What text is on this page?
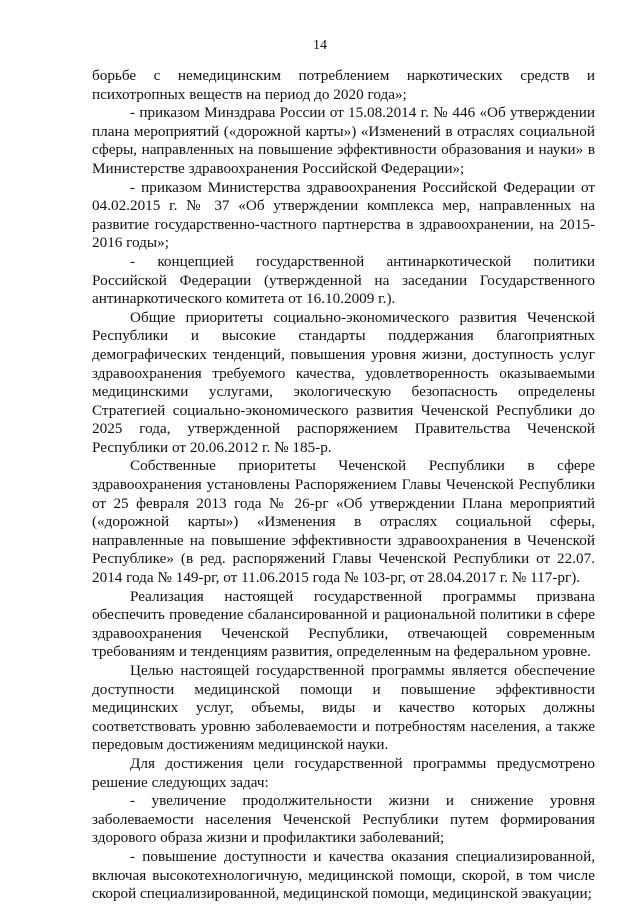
14

борьбе с немедицинским потреблением наркотических средств и психотропных веществ на период до 2020 года»;

- приказом Минздрава России от 15.08.2014 г. № 446 «Об утверждении плана мероприятий («дорожной карты») «Изменений в отраслях социальной сферы, направленных на повышение эффективности образования и науки» в Министерстве здравоохранения Российской Федерации»;

- приказом Министерства здравоохранения Российской Федерации от 04.02.2015 г. № 37 «Об утверждении комплекса мер, направленных на развитие государственно-частного партнерства в здравоохранении, на 2015-2016 годы»;

- концепцией государственной антинаркотической политики Российской Федерации (утвержденной на заседании Государственного антинаркотического комитета от 16.10.2009 г.).

Общие приоритеты социально-экономического развития Чеченской Республики и высокие стандарты поддержания благоприятных демографических тенденций, повышения уровня жизни, доступность услуг здравоохранения требуемого качества, удовлетворенность оказываемыми медицинскими услугами, экологическую безопасность определены Стратегией социально-экономического развития Чеченской Республики до 2025 года, утвержденной распоряжением Правительства Чеченской Республики от 20.06.2012 г. № 185-р.

Собственные приоритеты Чеченской Республики в сфере здравоохранения установлены Распоряжением Главы Чеченской Республики от 25 февраля 2013 года № 26-рг «Об утверждении Плана мероприятий («дорожной карты») «Изменения в отраслях социальной сферы, направленные на повышение эффективности здравоохранения в Чеченской Республике» (в ред. распоряжений Главы Чеченской Республики от 22.07. 2014 года № 149-рг, от 11.06.2015 года № 103-рг, от 28.04.2017 г. № 117-рг).

Реализация настоящей государственной программы призвана обеспечить проведение сбалансированной и рациональной политики в сфере здравоохранения Чеченской Республики, отвечающей современным требованиям и тенденциям развития, определенным на федеральном уровне.

Целью настоящей государственной программы является обеспечение доступности медицинской помощи и повышение эффективности медицинских услуг, объемы, виды и качество которых должны соответствовать уровню заболеваемости и потребностям населения, а также передовым достижениям медицинской науки.

Для достижения цели государственной программы предусмотрено решение следующих задач:

- увеличение продолжительности жизни и снижение уровня заболеваемости населения Чеченской Республики путем формирования здорового образа жизни и профилактики заболеваний;

- повышение доступности и качества оказания специализированной, включая высокотехнологичную, медицинской помощи, скорой, в том числе скорой специализированной, медицинской помощи, медицинской эвакуации;
